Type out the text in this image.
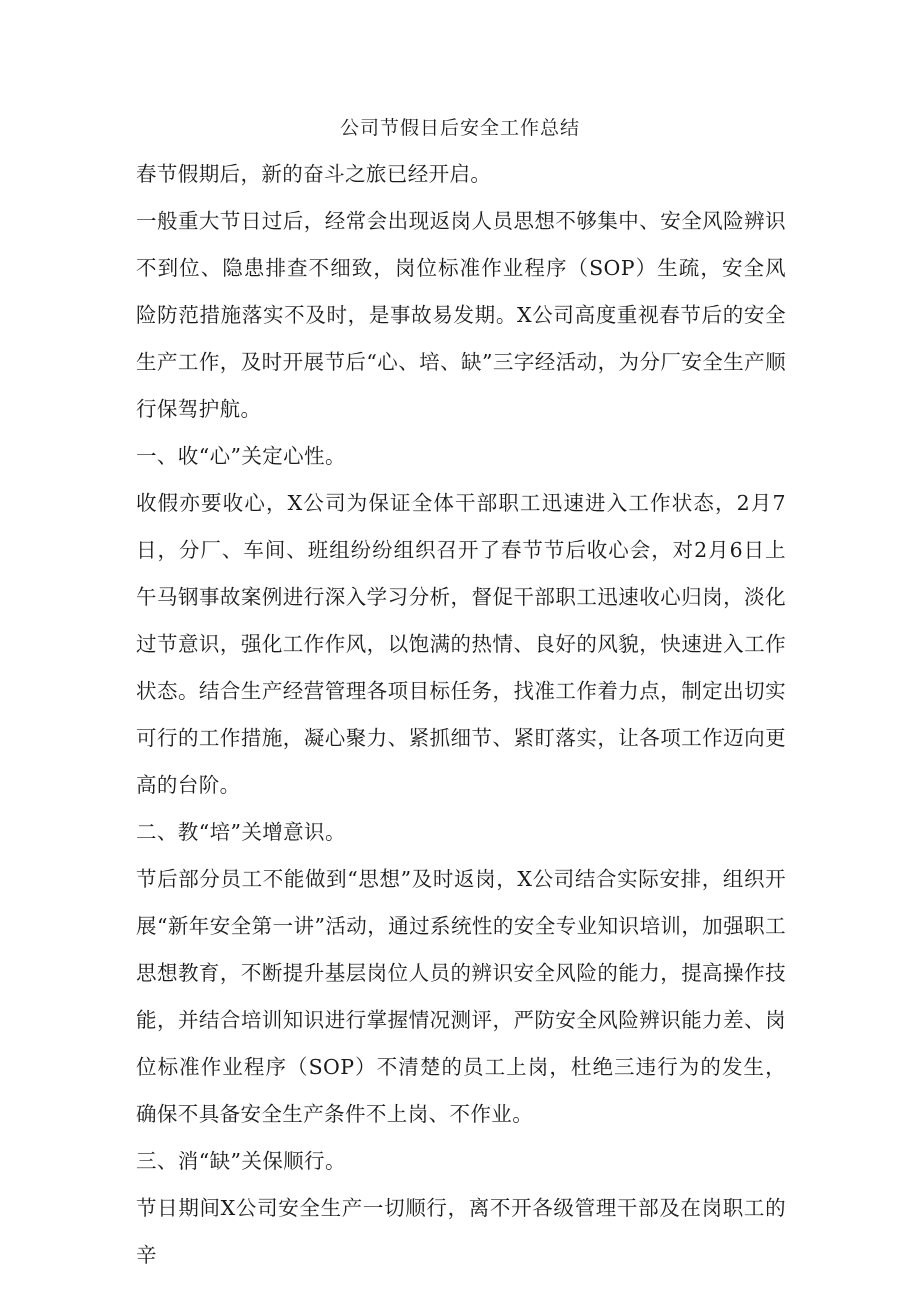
公司节假日后安全工作总结

春节假期后，新的奋斗之旅已经开启。

一般重大节日过后，经常会出现返岗人员思想不够集中、安全风险辨识不到位、隐患排查不细致，岗位标准作业程序（SOP）生疏，安全风险防范措施落实不及时，是事故易发期。X公司高度重视春节后的安全生产工作，及时开展节后“心、培、缺”三字经活动，为分厂安全生产顺行保驾护航。

一、收“心”关定心性。

收假亦要收心，X公司为保证全体干部职工迅速进入工作状态，2月7日，分厂、车间、班组纷纷组织召开了春节节后收心会，对2月6日上午马钢事故案例进行深入学习分析，督促干部职工迅速收心归岗，淡化过节意识，强化工作作风，以饱满的热情、良好的风貌，快速进入工作状态。结合生产经营管理各项目标任务，找准工作着力点，制定出切实可行的工作措施，凝心聚力、紧抓细节、紧盯落实，让各项工作迈向更高的台阶。

二、教“培”关增意识。

节后部分员工不能做到“思想”及时返岗，X公司结合实际安排，组织开展“新年安全第一讲”活动，通过系统性的安全专业知识培训，加强职工思想教育，不断提升基层岗位人员的辨识安全风险的能力，提高操作技能，并结合培训知识进行掌握情况测评，严防安全风险辨识能力差、岗位标准作业程序（SOP）不清楚的员工上岗，杜绝三违行为的发生，确保不具备安全生产条件不上岗、不作业。

三、消“缺”关保顺行。

节日期间X公司安全生产一切顺行，离不开各级管理干部及在岗职工的辛
